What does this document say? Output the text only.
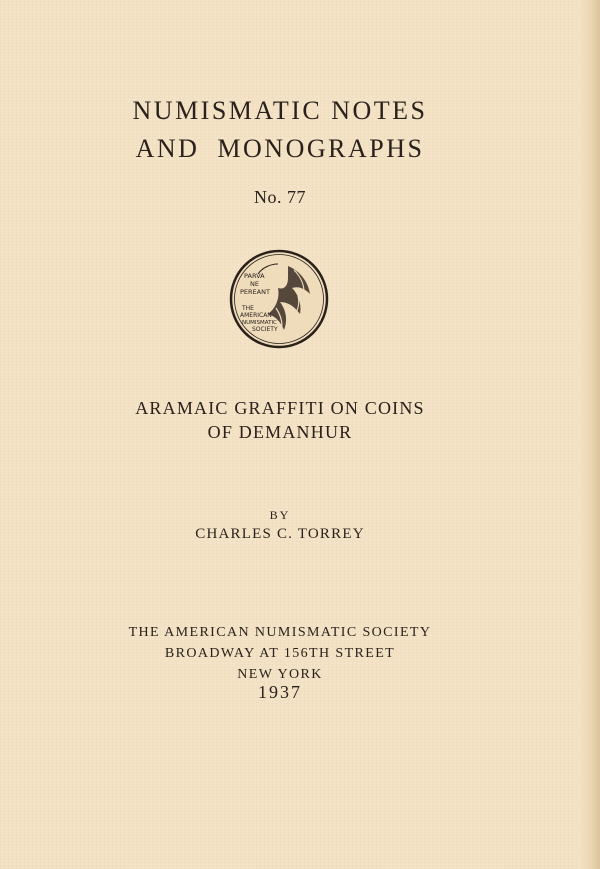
NUMISMATIC NOTES
AND  MONOGRAPHS
No. 77
PARVA
NE
PEREANT
THE
AMERICAN
NUMISMATIC
SOCIETY
ARAMAIC GRAFFITI ON COINS
OF DEMANHUR
BY
CHARLES C. TORREY
THE AMERICAN NUMISMATIC SOCIETY
BROADWAY AT 156TH STREET
NEW YORK
1937
